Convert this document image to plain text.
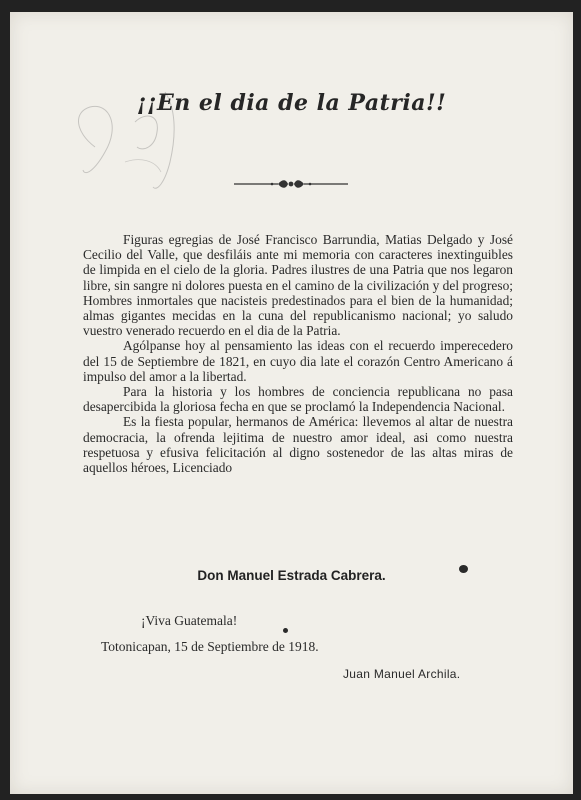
¡¡En el dia de la Patria!!

Figuras egregias de José Francisco Barrundia, Matias Delgado y José Cecilio del Valle, que desfiláis ante mi memoria con caracteres inextinguibles de limpida en el cielo de la gloria. Padres ilustres de una Patria que nos legaron libre, sin sangre ni dolores puesta en el camino de la civilización y del progreso; Hombres inmortales que nacisteis predestinados para el bien de la humanidad; almas gigantes mecidas en la cuna del republicanismo nacional; yo saludo vuestro venerado recuerdo en el dia de la Patria.

Agólpanse hoy al pensamiento las ideas con el recuerdo imperecedero del 15 de Septiembre de 1821, en cuyo dia late el corazón Centro Americano á impulso del amor a la libertad.

Para la historia y los hombres de conciencia republicana no pasa desapercibida la gloriosa fecha en que se proclamó la Independencia Nacional.

Es la fiesta popular, hermanos de América: llevemos al altar de nuestra democracia, la ofrenda lejitima de nuestro amor ideal, asi como nuestra respetuosa y efusiva felicitación al digno sostenedor de las altas miras de aquellos héroes, Licenciado

Don Manuel Estrada Cabrera.
¡Viva Guatemala!
Totonicapan, 15 de Septiembre de 1918.
Juan Manuel Archila.
